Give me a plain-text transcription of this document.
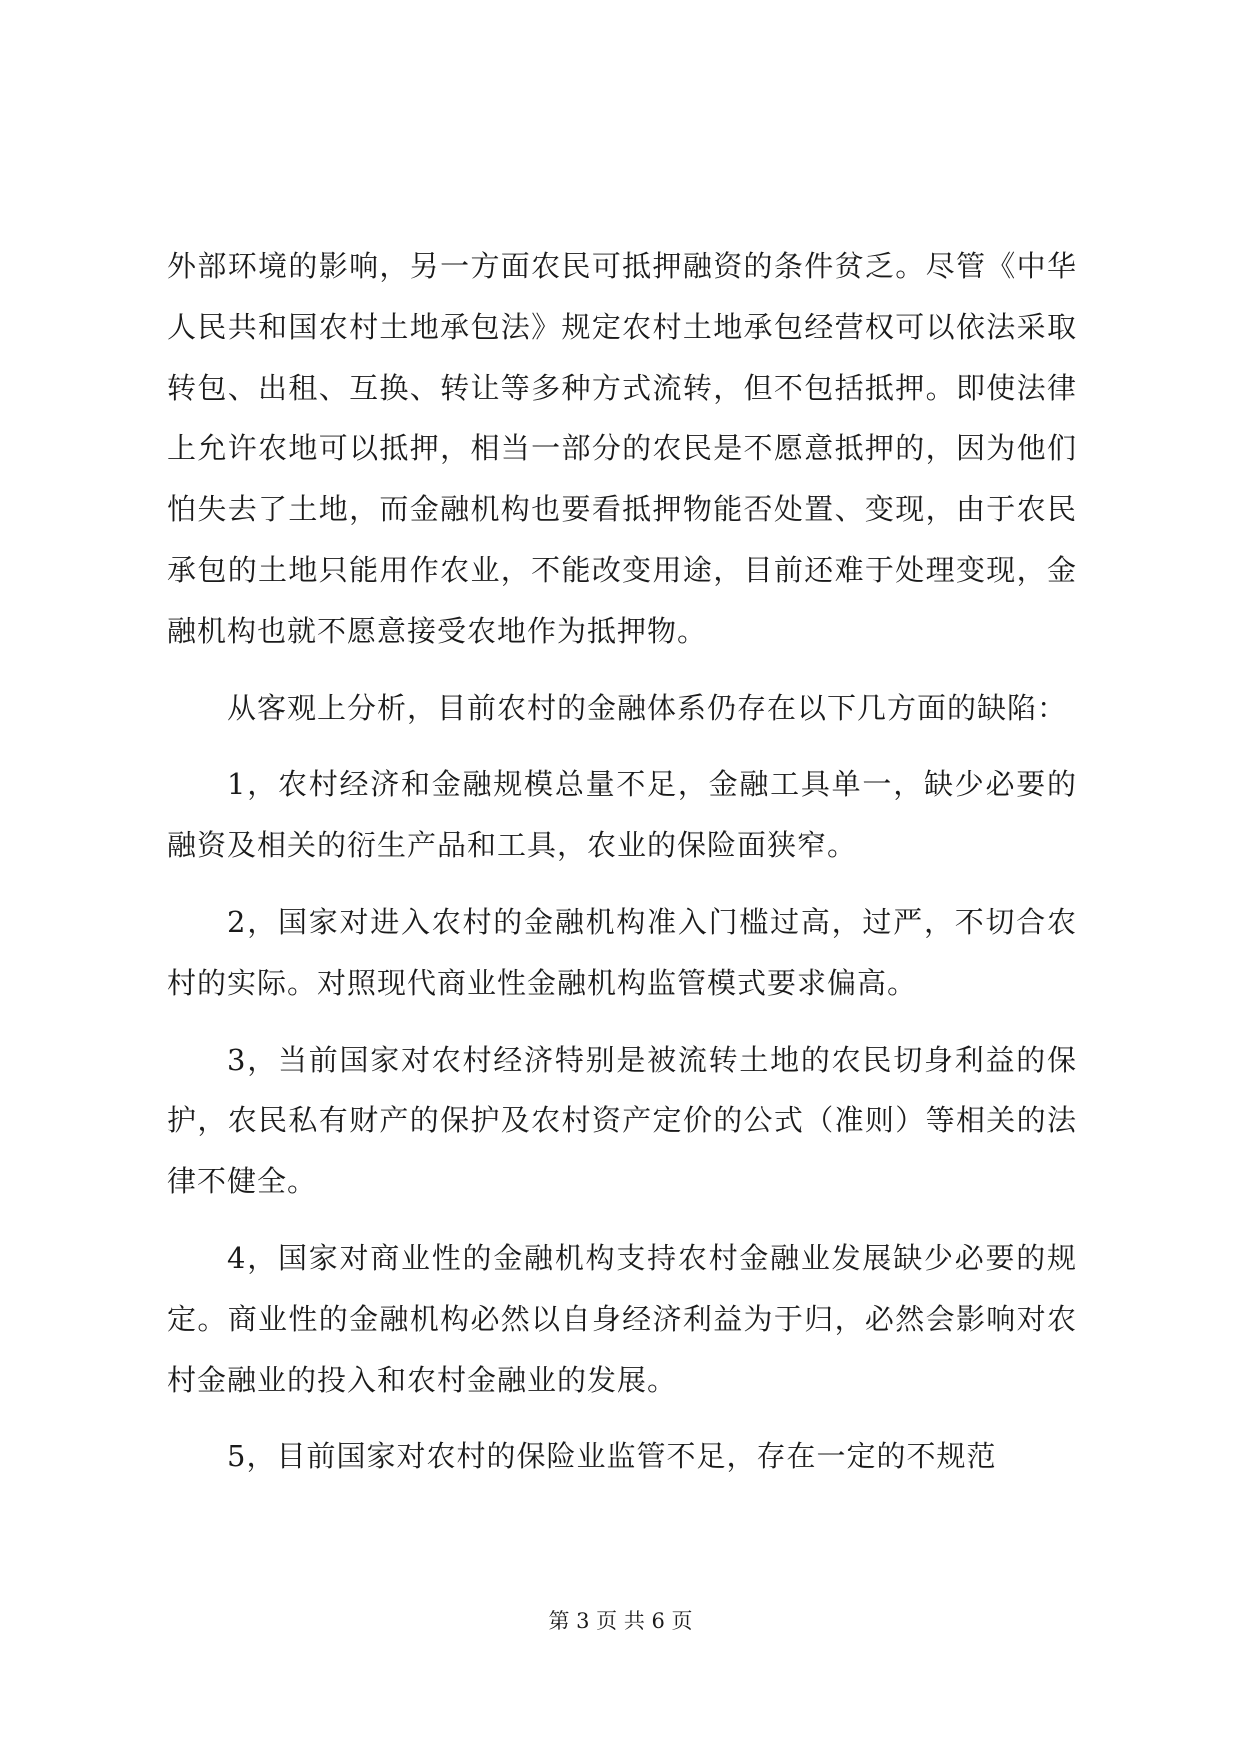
外部环境的影响，另一方面农民可抵押融资的条件贫乏。尽管《中华人民共和国农村土地承包法》规定农村土地承包经营权可以依法采取转包、出租、互换、转让等多种方式流转，但不包括抵押。即使法律上允许农地可以抵押，相当一部分的农民是不愿意抵押的，因为他们怕失去了土地，而金融机构也要看抵押物能否处置、变现，由于农民承包的土地只能用作农业，不能改变用途，目前还难于处理变现，金融机构也就不愿意接受农地作为抵押物。

从客观上分析，目前农村的金融体系仍存在以下几方面的缺陷：

1，农村经济和金融规模总量不足，金融工具单一，缺少必要的融资及相关的衍生产品和工具，农业的保险面狭窄。

2，国家对进入农村的金融机构准入门槛过高，过严，不切合农村的实际。对照现代商业性金融机构监管模式要求偏高。

3，当前国家对农村经济特别是被流转土地的农民切身利益的保护，农民私有财产的保护及农村资产定价的公式（准则）等相关的法律不健全。

4，国家对商业性的金融机构支持农村金融业发展缺少必要的规定。商业性的金融机构必然以自身经济利益为于归，必然会影响对农村金融业的投入和农村金融业的发展。

5，目前国家对农村的保险业监管不足，存在一定的不规范

第 3 页 共 6 页
